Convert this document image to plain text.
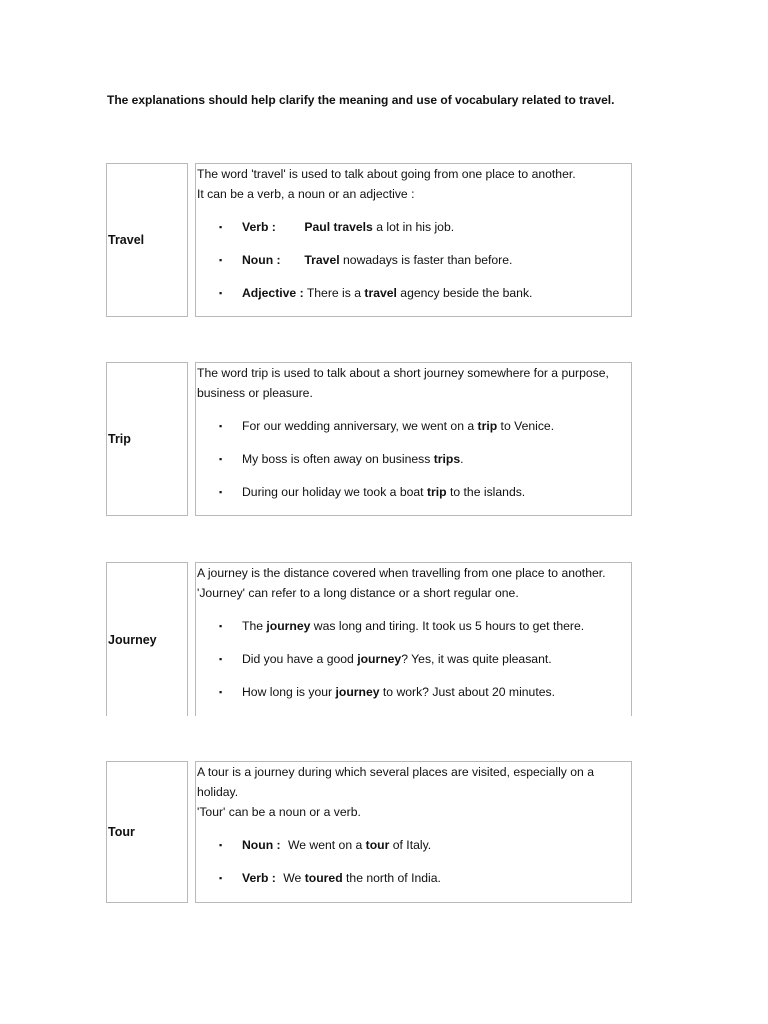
The explanations should help clarify the meaning and use of vocabulary related to travel.
Travel

The word 'travel' is used to talk about going from one place to another.

It can be a verb, a noun or an adjective :

▪ Verb : Paul travels a lot in his job.
▪ Noun : Travel nowadays is faster than before.
▪ Adjective : There is a travel agency beside the bank.
Trip

The word trip is used to talk about a short journey somewhere for a purpose,

business or pleasure.

▪ For our wedding anniversary, we went on a trip to Venice.
▪ My boss is often away on business trips.
▪ During our holiday we took a boat trip to the islands.
Journey

A journey is the distance covered when travelling from one place to another.

'Journey' can refer to a long distance or a short regular one.

▪ The journey was long and tiring. It took us 5 hours to get there.
▪ Did you have a good journey? Yes, it was quite pleasant.
▪ How long is your journey to work? Just about 20 minutes.
Tour

A tour is a journey during which several places are visited, especially on a

holiday.

'Tour' can be a noun or a verb.

▪ Noun : We went on a tour of Italy.
▪ Verb : We toured the north of India.
